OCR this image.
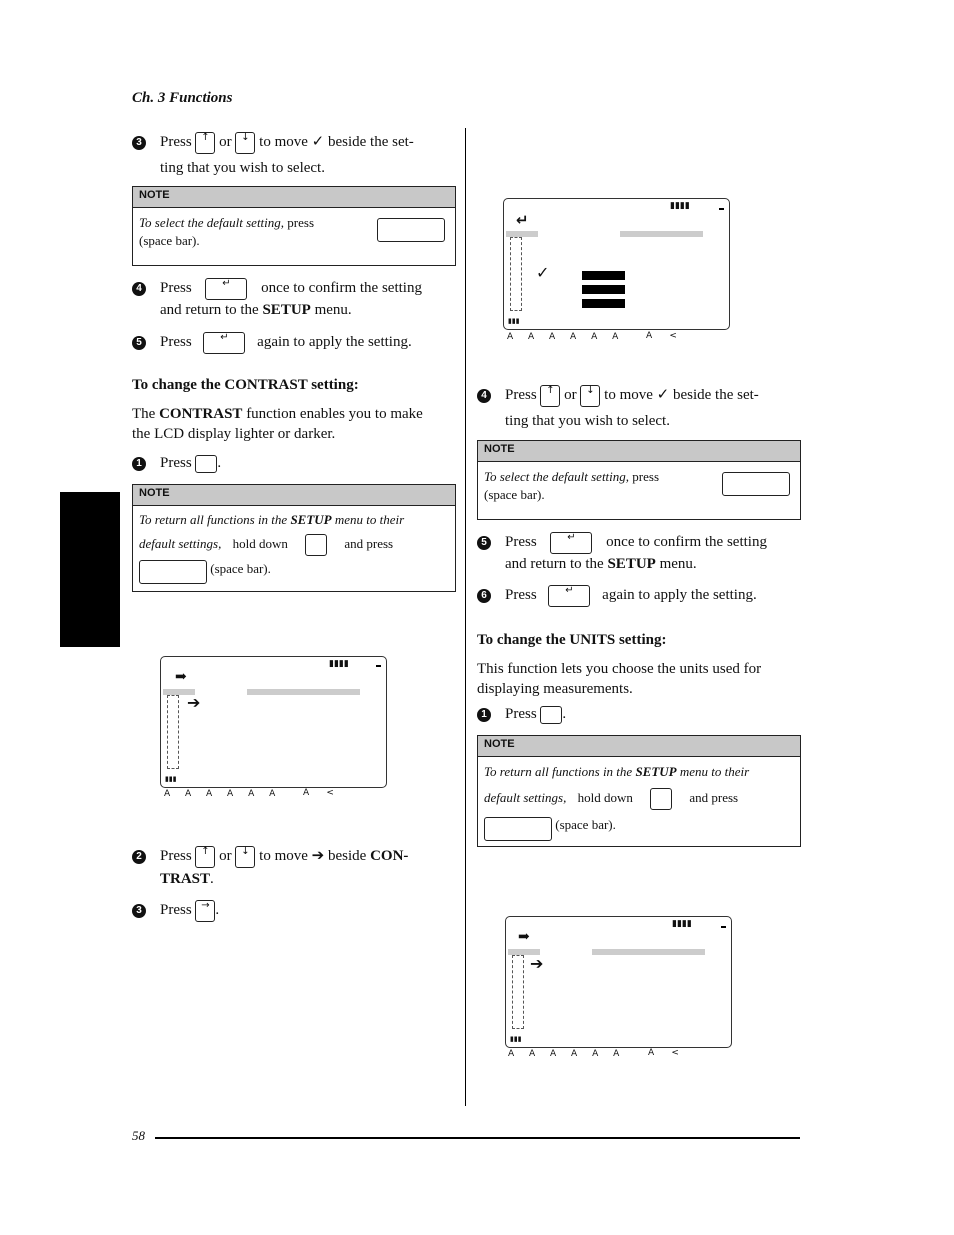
Ch. 3 Functions
3 Press ↑ or ↓ to move ✓ beside the set-
ting that you wish to select.
NOTE
To select the default setting, press

(space bar).
4 Press	↵ once to confirm the setting
and return to the SETUP menu.
5 Press	↵ again to apply the setting.
To change the CONTRAST setting:
The CONTRAST function enables you to make
the LCD display lighter or darker.
1 Press .
NOTE
To return all functions in the SETUP menu to their
default settings, hold down	and press
(space bar).
➡
▮▮▮▮
➔
▮▮▮
A A A A A A A      <
2 Press ↑ or ↓ to move ➔ beside CON-
TRAST.
3 Press → .
↵
▮▮▮▮
✓
▮▮▮
A A A A A A A      <
4 Press ↑ or ↓ to move ✓ beside the set-
ting that you wish to select.
NOTE
To select the default setting, press

(space bar).
5 Press	↵ once to confirm the setting
and return to the SETUP menu.
6 Press	↵ again to apply the setting.
To change the UNITS setting:
This function lets you choose the units used for
displaying measurements.
1 Press .
NOTE
To return all functions in the SETUP menu to their
default settings, hold down	and press
(space bar).
➡
▮▮▮▮
➔
▮▮▮
A A A A A A	A      <
58
